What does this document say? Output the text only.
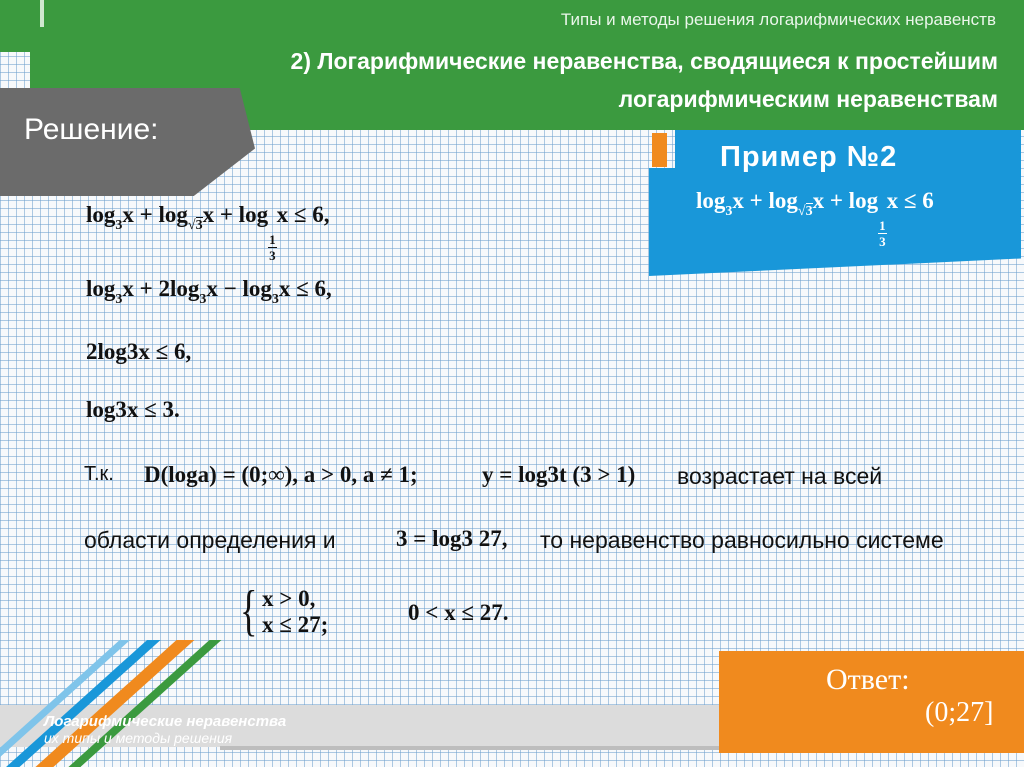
Типы и методы решения логарифмических неравенств
2) Логарифмические неравенства, сводящиеся к простейшим логарифмическим неравенствам
Решение:
Пример №2
$\log_3x + \log_{√3}x + \log$
$\frac{1}{3}$
x ≤ 6
$\log_3x + \log_{√3}x + \log$
$\frac{1}{3}$
x ≤ 6,
$\log_3x + 2\log_3x - \log_3x \le 6$,
2log3x ≤ 6,
log3x ≤ 3.
Т.к. D(loga) = (0;∞), a > 0, a ≠ 1;	y = log3t (3 > 1) возрастает на всей
области определения и	3 = log3 27, то неравенство равносильно системе
{ x > 0,
x ≤ 27;	0 < x ≤ 27.
Логарифмические неравенства
их типы и методы решения
Ответ:
(0;27]
